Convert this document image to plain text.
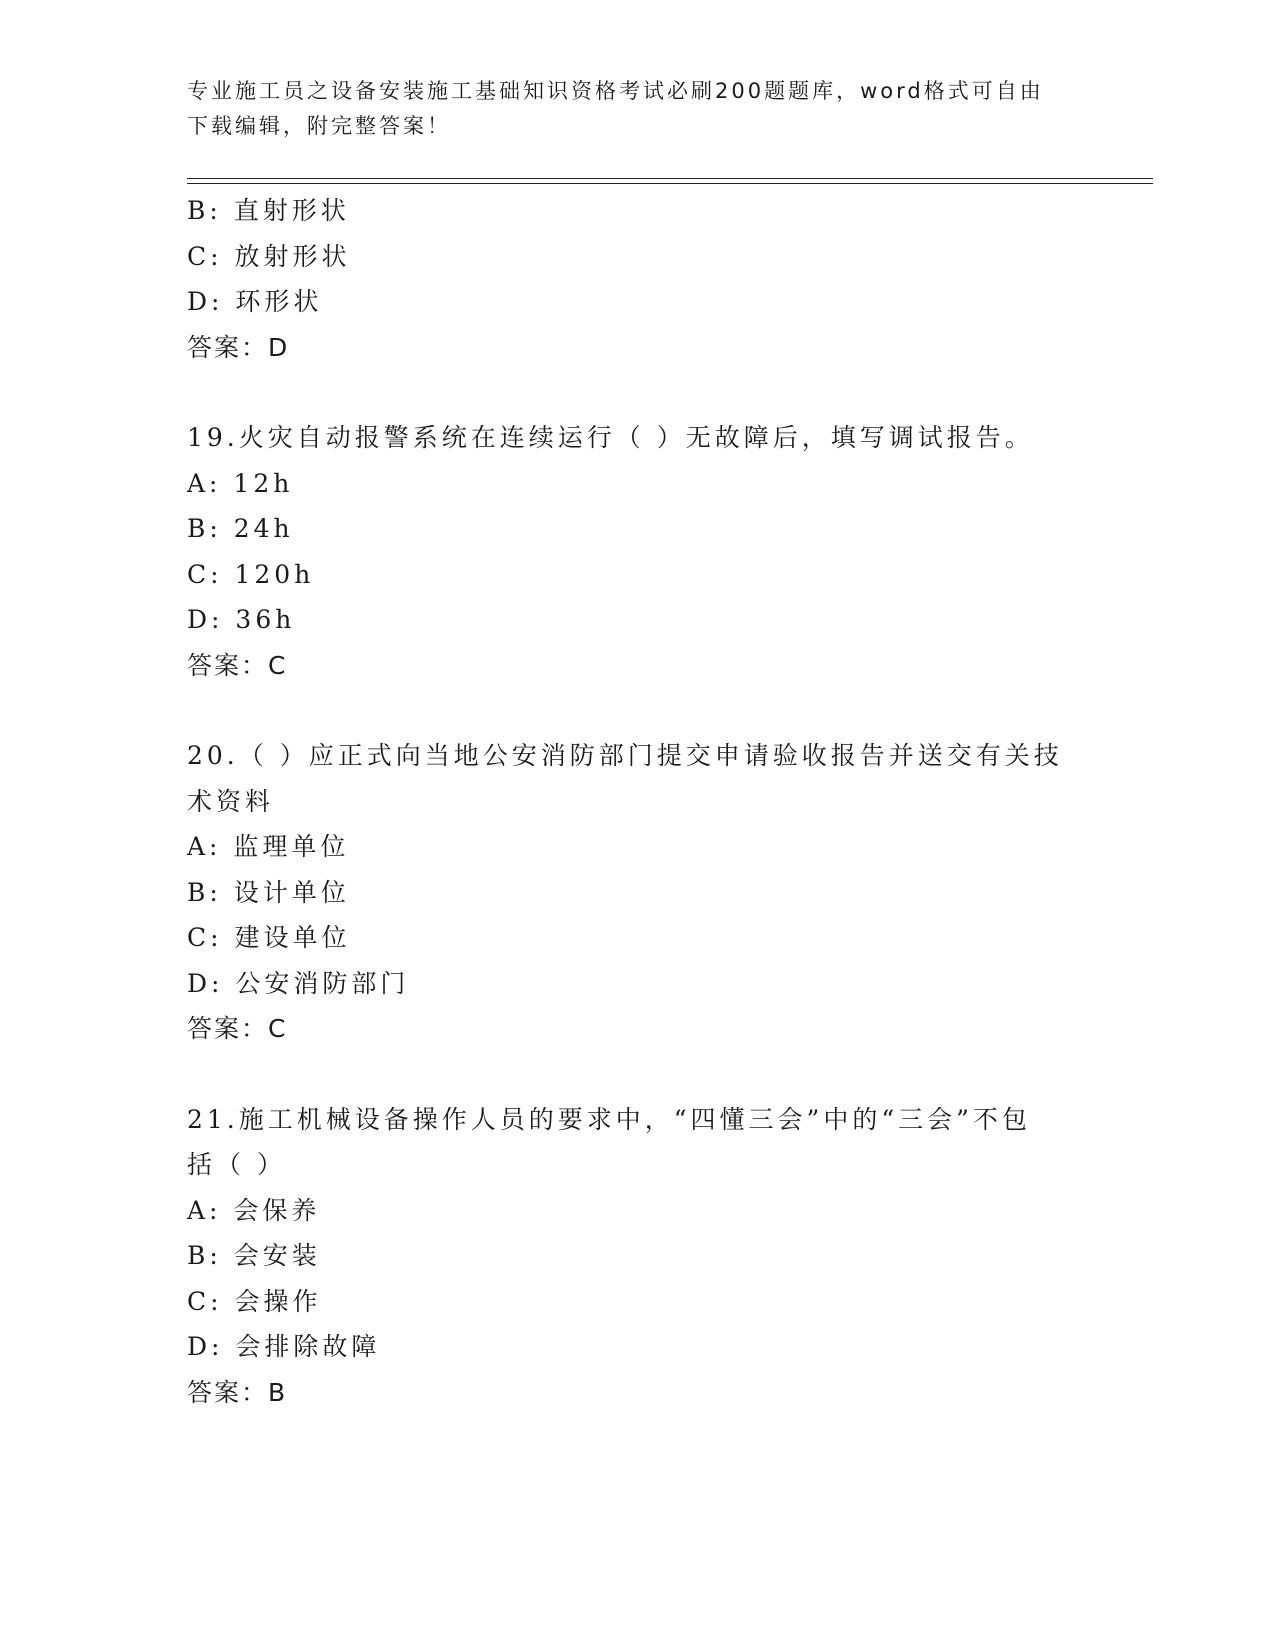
专业施工员之设备安装施工基础知识资格考试必刷200题题库，word格式可自由
下载编辑，附完整答案！
B: 直射形状
C: 放射形状
D: 环形状
答案：D
19.火灾自动报警系统在连续运行（ ）无故障后，填写调试报告。
A: 12h
B: 24h
C: 120h
D: 36h
答案：C
20.（ ）应正式向当地公安消防部门提交申请验收报告并送交有关技
术资料
A: 监理单位
B: 设计单位
C: 建设单位
D: 公安消防部门
答案：C
21.施工机械设备操作人员的要求中，“四懂三会”中的“三会”不包
括（ ）
A: 会保养
B: 会安装
C: 会操作
D: 会排除故障
答案：B
